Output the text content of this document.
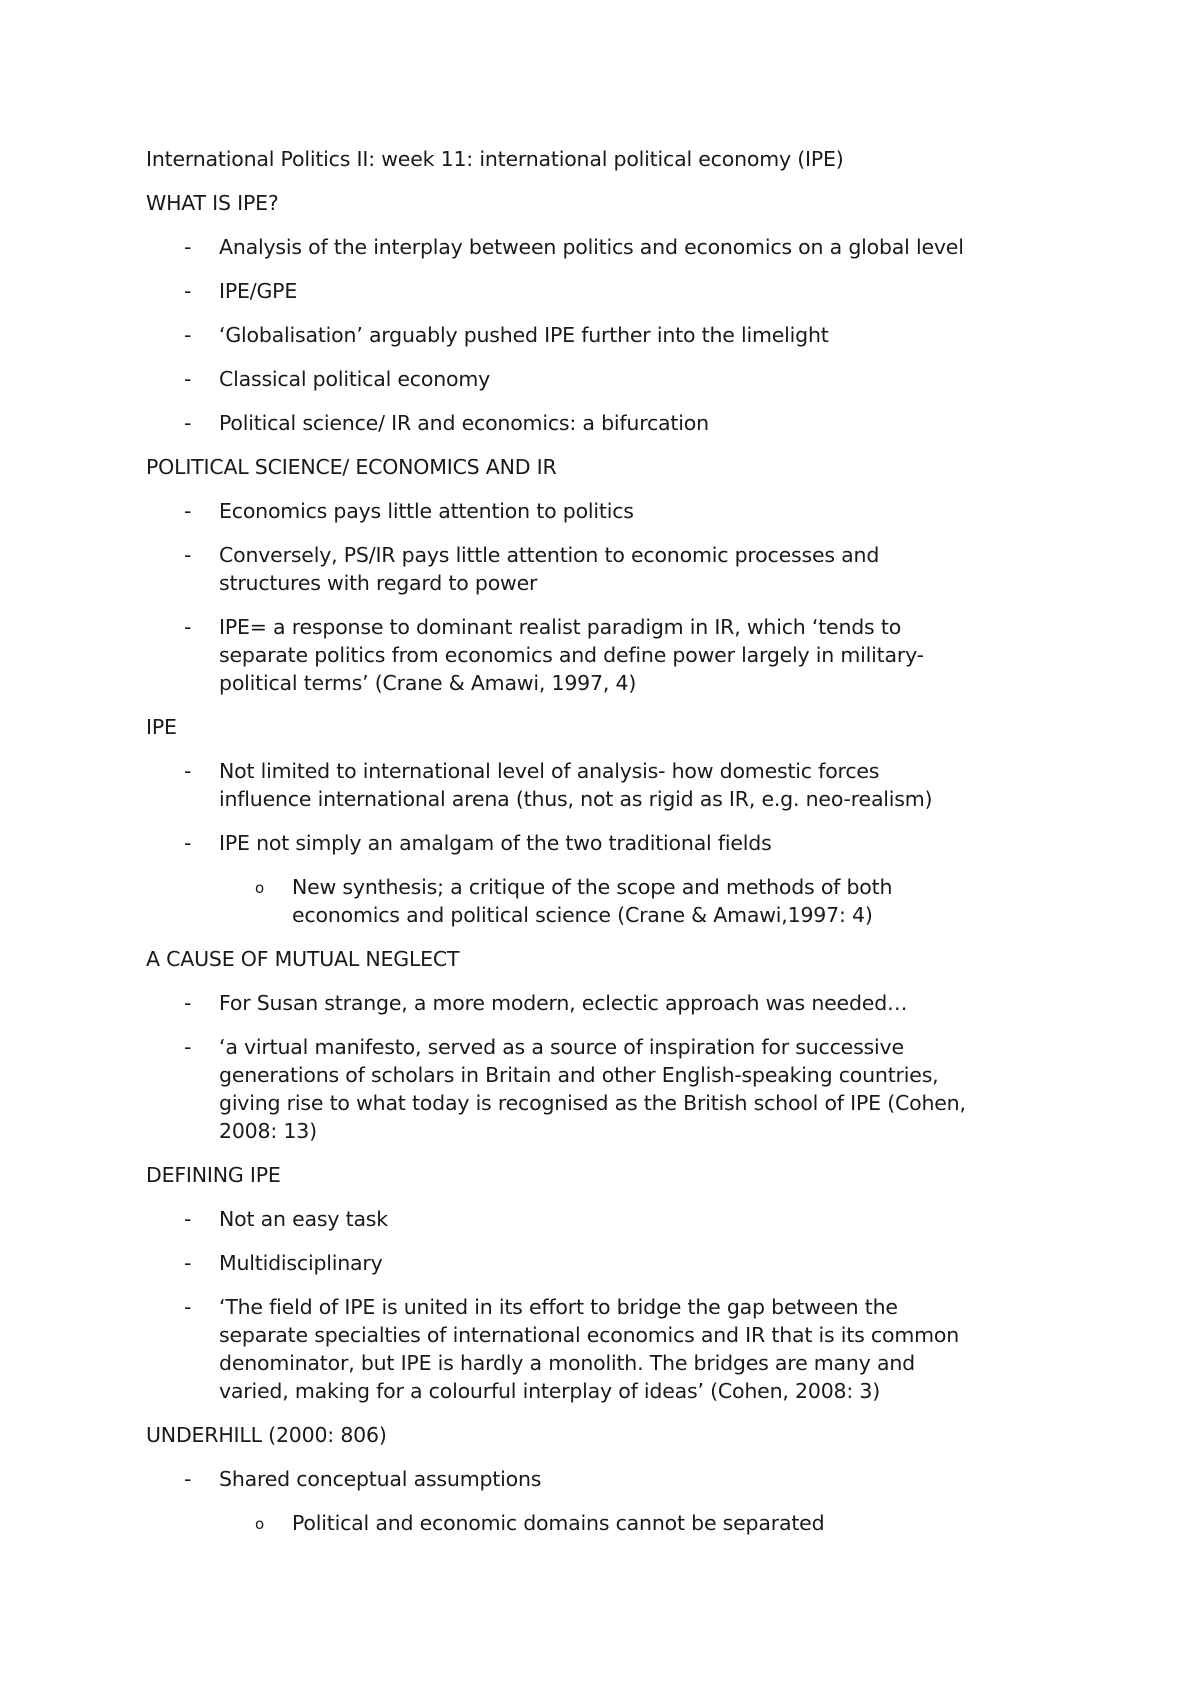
International Politics II: week 11: international political economy (IPE)

WHAT IS IPE?

- Analysis of the interplay between politics and economics on a global level
- IPE/GPE
- ‘Globalisation’ arguably pushed IPE further into the limelight
- Classical political economy
- Political science/ IR and economics: a bifurcation

POLITICAL SCIENCE/ ECONOMICS AND IR

- Economics pays little attention to politics
- Conversely, PS/IR pays little attention to economic processes and
structures with regard to power
- IPE= a response to dominant realist paradigm in IR, which ‘tends to
separate politics from economics and define power largely in military-
political terms’ (Crane & Amawi, 1997, 4)

IPE

- Not limited to international level of analysis- how domestic forces
influence international arena (thus, not as rigid as IR, e.g. neo-realism)
- IPE not simply an amalgam of the two traditional fields
o New synthesis; a critique of the scope and methods of both
economics and political science (Crane & Amawi,1997: 4)

A CAUSE OF MUTUAL NEGLECT

- For Susan strange, a more modern, eclectic approach was needed…
- ‘a virtual manifesto, served as a source of inspiration for successive
generations of scholars in Britain and other English-speaking countries,
giving rise to what today is recognised as the British school of IPE (Cohen,
2008: 13)

DEFINING IPE

- Not an easy task
- Multidisciplinary
- ‘The field of IPE is united in its effort to bridge the gap between the
separate specialties of international economics and IR that is its common
denominator, but IPE is hardly a monolith. The bridges are many and
varied, making for a colourful interplay of ideas’ (Cohen, 2008: 3)

UNDERHILL (2000: 806)

- Shared conceptual assumptions
o Political and economic domains cannot be separated
